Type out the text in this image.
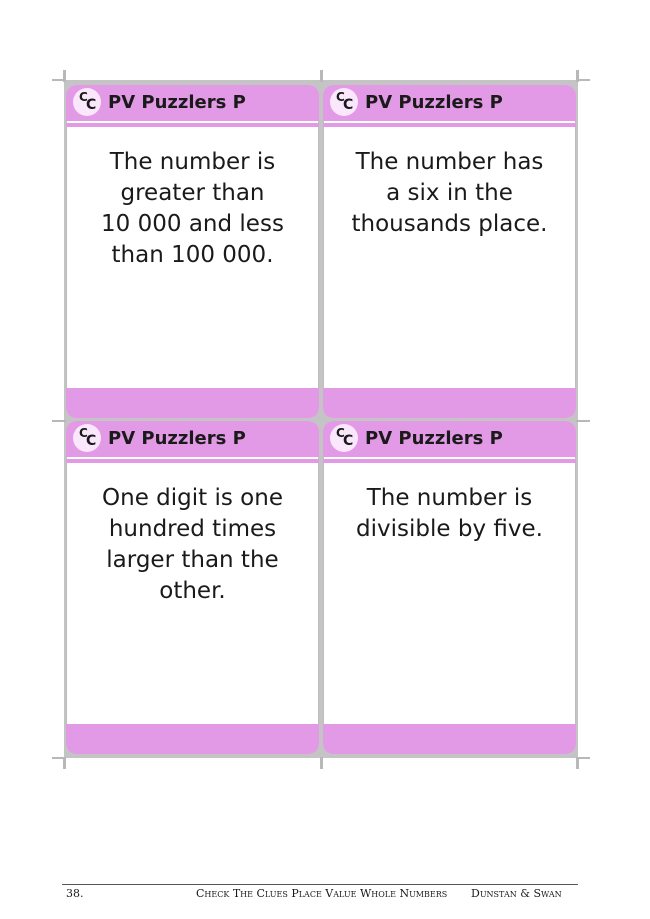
C
C PV Puzzlers P
The number is
greater than
10 000 and less
than 100 000.
C
C PV Puzzlers P
The number has
a six in the
thousands place.
C
C PV Puzzlers P
One digit is one
hundred times
larger than the
other.
C
C PV Puzzlers P
The number is
divisible by five.
38.	Check The Clues Place Value Whole Numbers Dunstan & Swan
